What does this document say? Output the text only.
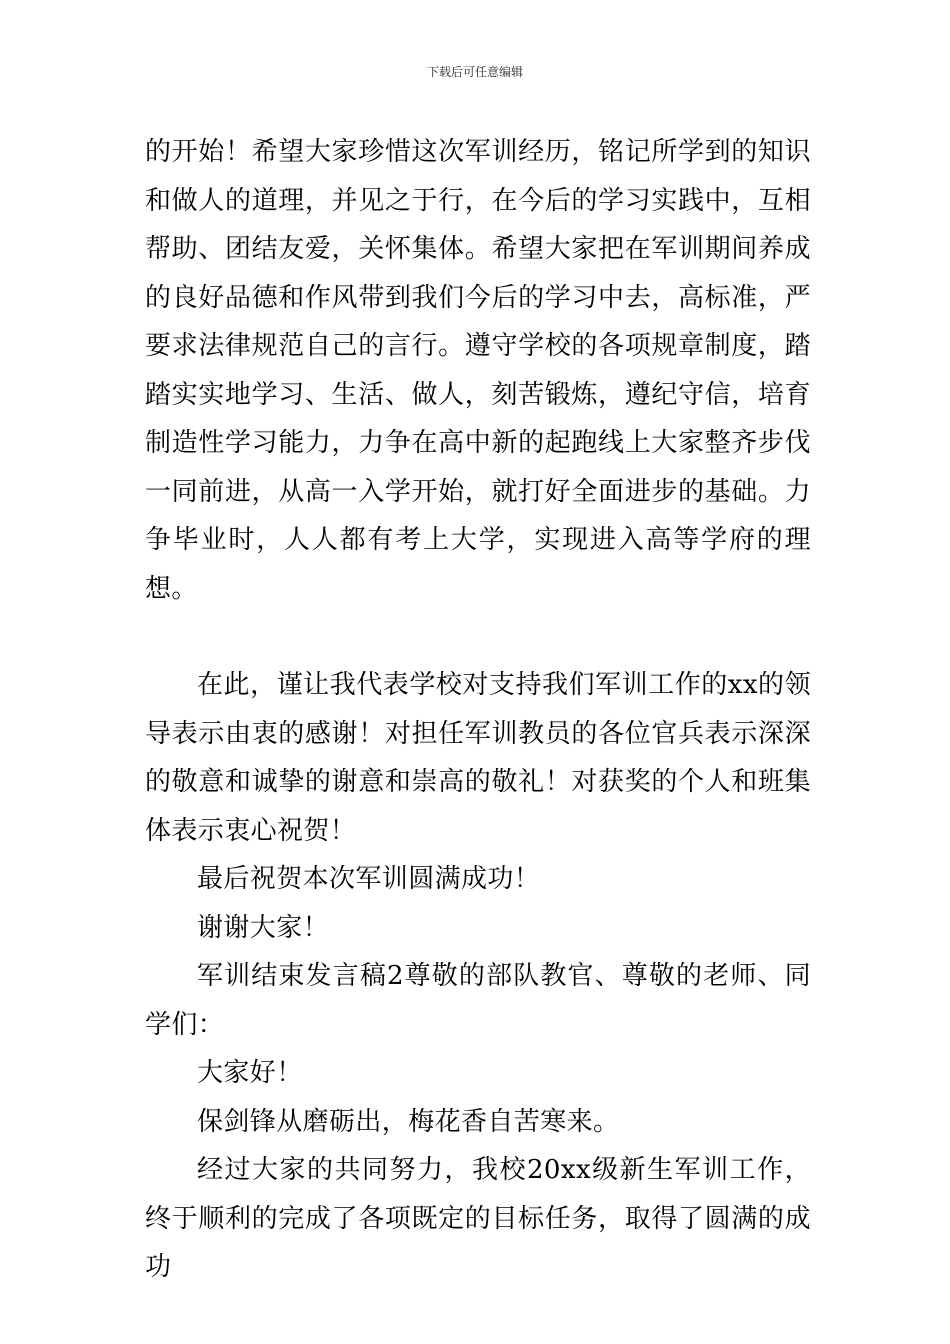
下载后可任意编辑

的开始！希望大家珍惜这次军训经历，铭记所学到的知识和做人的道理，并见之于行，在今后的学习实践中，互相帮助、团结友爱，关怀集体。希望大家把在军训期间养成的良好品德和作风带到我们今后的学习中去，高标准，严要求法律规范自己的言行。遵守学校的各项规章制度，踏踏实实地学习、生活、做人，刻苦锻炼，遵纪守信，培育制造性学习能力，力争在高中新的起跑线上大家整齐步伐一同前进，从高一入学开始，就打好全面进步的基础。力争毕业时，人人都有考上大学，实现进入高等学府的理想。

在此，谨让我代表学校对支持我们军训工作的xx的领导表示由衷的感谢！对担任军训教员的各位官兵表示深深的敬意和诚挚的谢意和崇高的敬礼！对获奖的个人和班集体表示衷心祝贺！

最后祝贺本次军训圆满成功！

谢谢大家！

军训结束发言稿2尊敬的部队教官、尊敬的老师、同学们：

大家好！

保剑锋从磨砺出，梅花香自苦寒来。

经过大家的共同努力，我校20xx级新生军训工作，终于顺利的完成了各项既定的目标任务，取得了圆满的成功
